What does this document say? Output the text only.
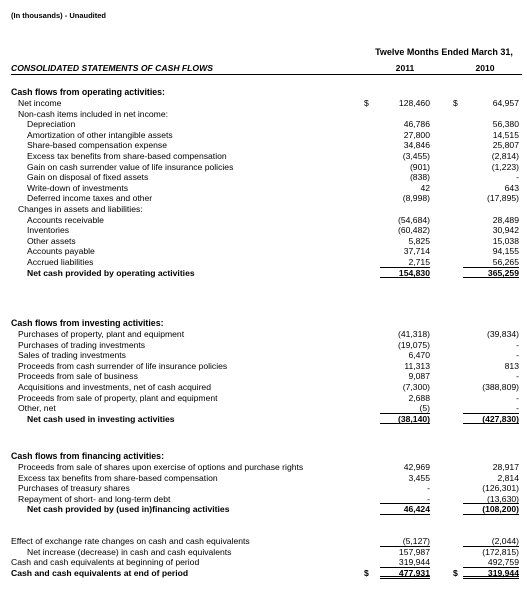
(In thousands) - Unaudited
Twelve Months Ended March 31,
CONSOLIDATED STATEMENTS OF CASH FLOWS	2011	2010
Cash flows from operating activities:
Net income	$	128,460	$	64,957
Non-cash items included in net income:
Depreciation	46,786	56,380
Amortization of other intangible assets	27,800	14,515
Share-based compensation expense	34,846	25,807
Excess tax benefits from share-based compensation	(3,455)	(2,814)
Gain on cash surrender value of life insurance policies	(901)	(1,223)
Gain on disposal of fixed assets	(838)	-
Write-down of investments	42	643
Deferred income taxes and other	(8,998)	(17,895)
Changes in assets and liabilities:
Accounts receivable	(54,684)	28,489
Inventories	(60,482)	30,942
Other assets	5,825	15,038
Accounts payable	37,714	94,155
Accrued liabilities	2,715	56,265
Net cash provided by operating activities	154,830	365,259
Cash flows from investing activities:
Purchases of property, plant and equipment	(41,318)	(39,834)
Purchases of trading investments	(19,075)	-
Sales of trading investments	6,470	-
Proceeds from cash surrender of life insurance policies	11,313	813
Proceeds from sale of business	9,087	-
Acquisitions and investments, net of cash acquired	(7,300)	(388,809)
Proceeds from sale of property, plant and equipment	2,688	-
Other, net	(5)	-
Net cash used in investing activities	(38,140)	(427,830)
Cash flows from financing activities:
Proceeds from sale of shares upon exercise of options and purchase rights	42,969	28,917
Excess tax benefits from share-based compensation	3,455	2,814
Purchases of treasury shares	-	(126,301)
Repayment of short- and long-term debt	-	(13,630)
Net cash provided by (used in)financing activities	46,424	(108,200)
Effect of exchange rate changes on cash and cash equivalents	(5,127)	(2,044)
Net increase (decrease) in cash and cash equivalents	157,987	(172,815)
Cash and cash equivalents at beginning of period	319,944	492,759
Cash and cash equivalents at end of period	$	477,931	$	319,944
